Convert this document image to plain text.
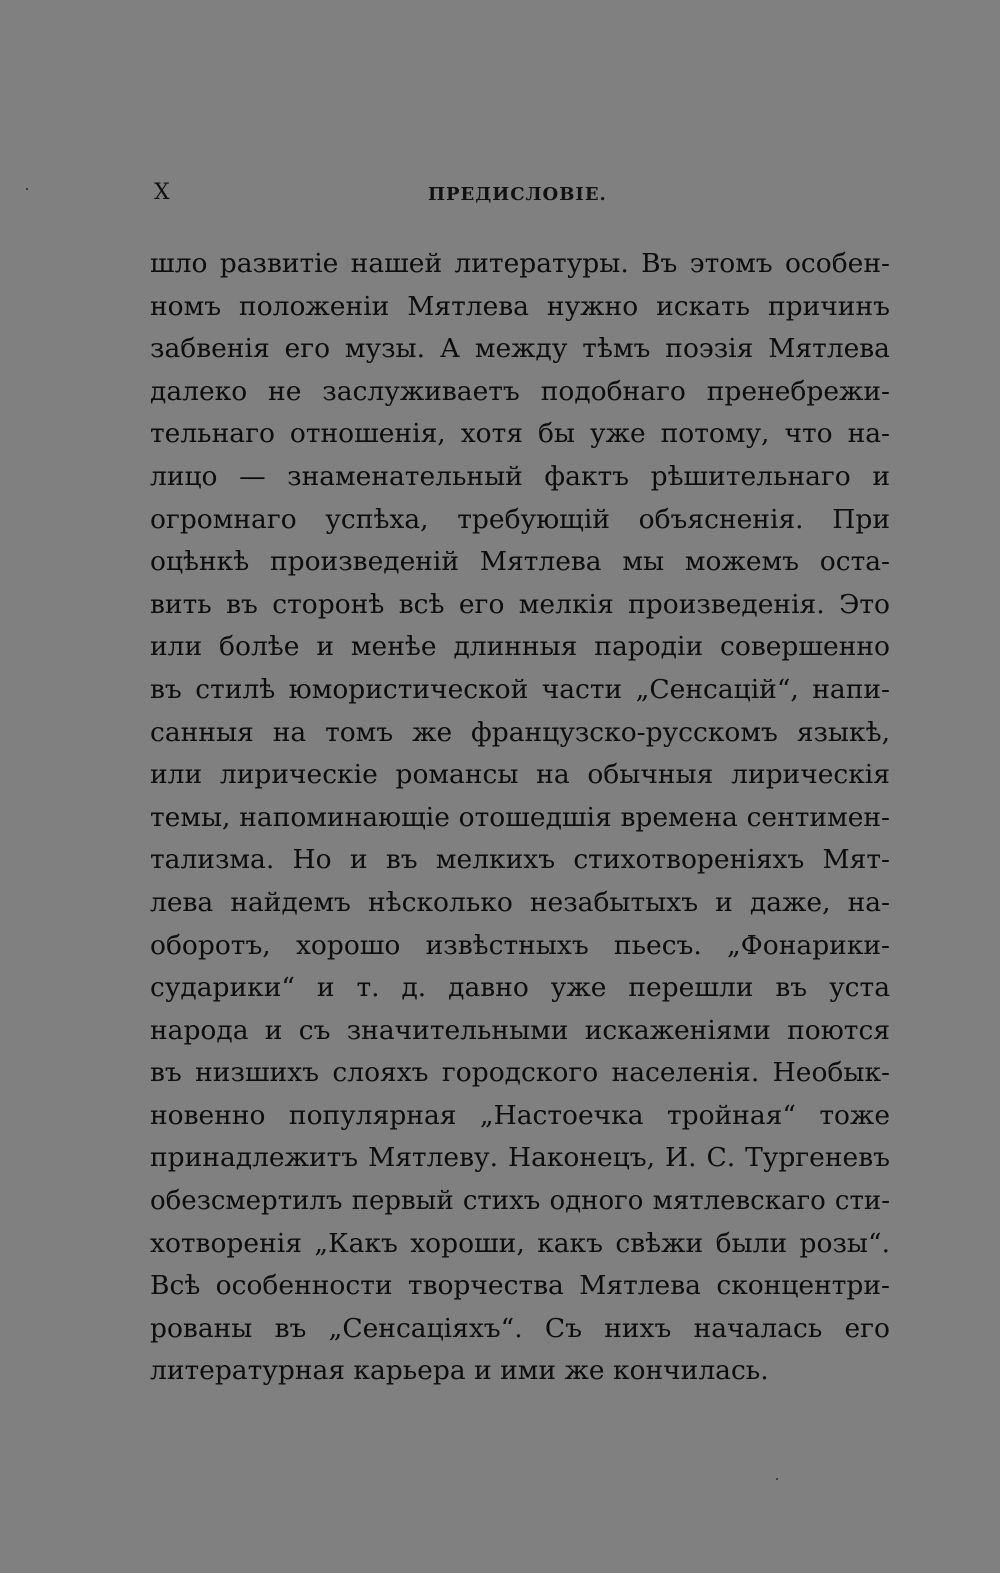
X	ПРЕДИСЛОВІЕ.
шло развитіе нашей литературы. Въ этомъ особен-
номъ положеніи Мятлева нужно искать причинъ
забвенія его музы. А между тѣмъ поэзія Мятлева
далеко не заслуживаетъ подобнаго пренебрежи-
тельнаго отношенія, хотя бы уже потому, что на-
лицо — знаменательный фактъ рѣшительнаго и
огромнаго успѣха, требующій объясненія. При
оцѣнкѣ произведеній Мятлева мы можемъ оста-
вить въ сторонѣ всѣ его мелкія произведенія. Это
или болѣе и менѣе длинныя пародіи совершенно
въ стилѣ юмористической части „Сенсацій“, напи-
санныя на томъ же французско-русскомъ языкѣ,
или лирическіе романсы на обычныя лирическія
темы, напоминающіе отошедшія времена сентимен-
тализма. Но и въ мелкихъ стихотвореніяхъ Мят-
лева найдемъ нѣсколько незабытыхъ и даже, на-
оборотъ, хорошо извѣстныхъ пьесъ. „Фонарики-
сударики“ и т. д. давно уже перешли въ уста
народа и съ значительными искаженіями поются
въ низшихъ слояхъ городского населенія. Необык-
новенно популярная „Настоечка тройная“ тоже
принадлежитъ Мятлеву. Наконецъ, И. С. Тургеневъ
обезсмертилъ первый стихъ одного мятлевскаго сти-
хотворенія „Какъ хороши, какъ свѣжи были розы“.
Всѣ особенности творчества Мятлева сконцентри-
рованы въ „Сенсаціяхъ“. Съ нихъ началась его
литературная карьера и ими же кончилась.
